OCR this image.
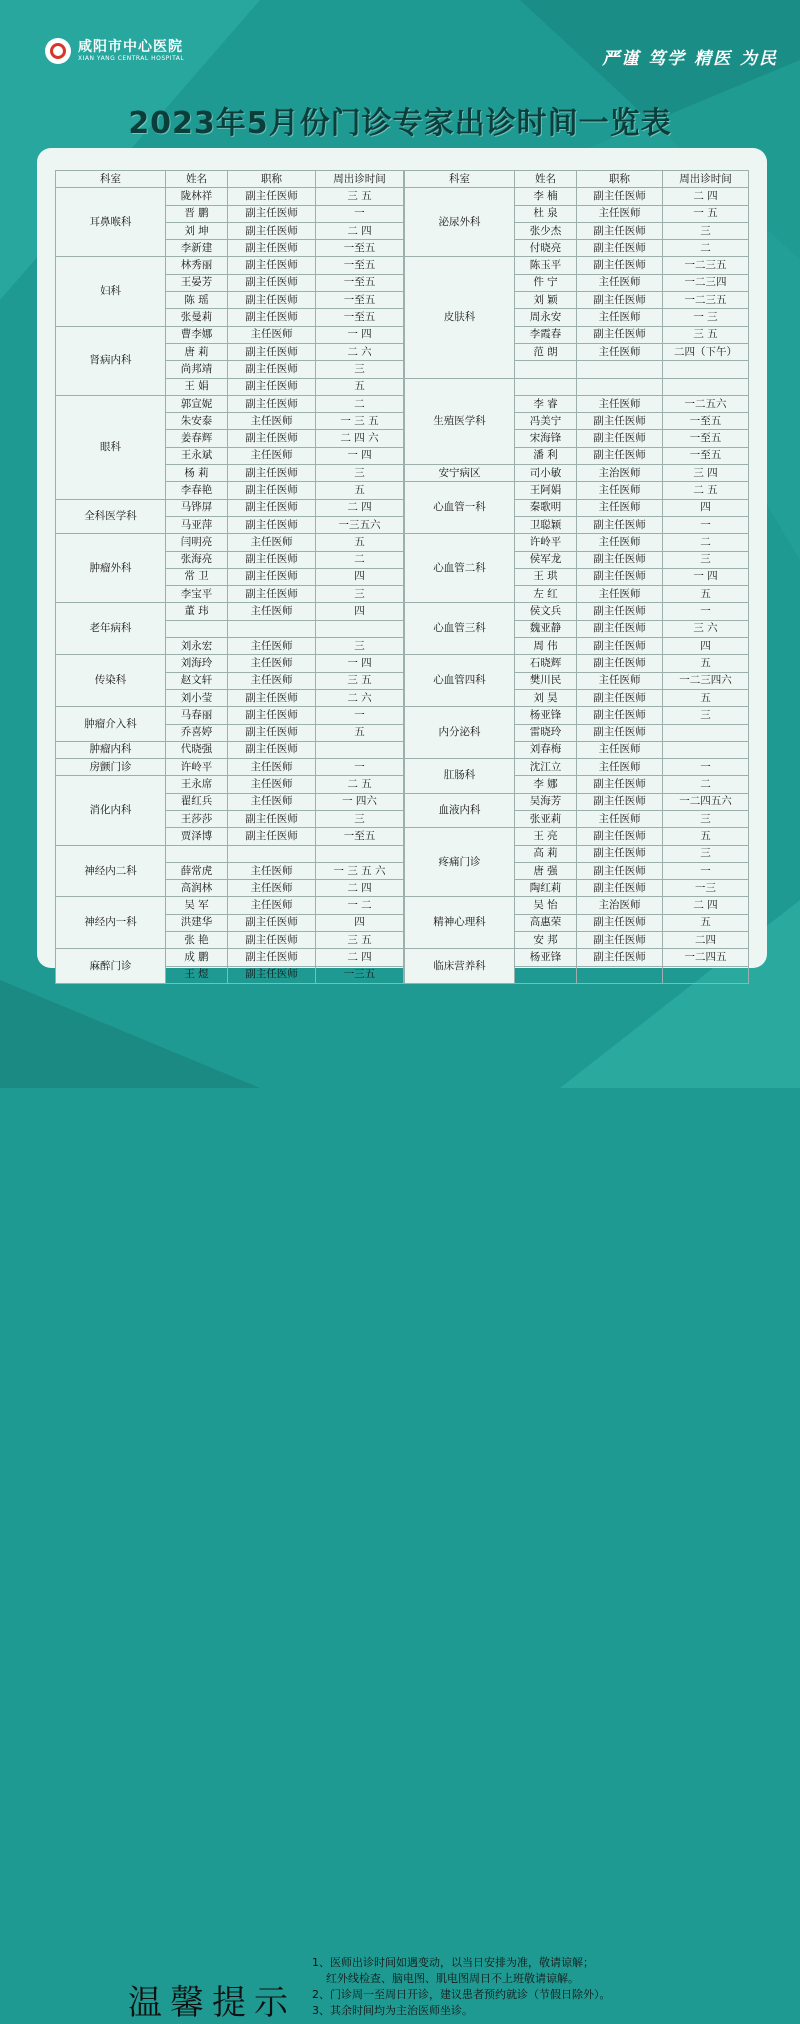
咸阳市中心医院
XIAN YANG CENTRAL HOSPITAL	严谨 笃学 精医 为民
2023年5月份门诊专家出诊时间一览表
科室	姓名	职称	周出诊时间
耳鼻喉科	陇林祥	副主任医师	三 五
	晋 鹏	副主任医师	一
	刘 坤	副主任医师	二 四
	李新建	副主任医师	一至五
妇科	林秀丽	副主任医师	一至五
	王晏芳	副主任医师	一至五
	陈 瑶	副主任医师	一至五
	张曼莉	副主任医师	一至五
肾病内科	曹李娜	主任医师	一 四
	唐 莉	副主任医师	二 六
	尚邦靖	副主任医师	三
	王 娟	副主任医师	五
眼科	郭宣妮	副主任医师	二
	朱安泰	主任医师	一 三 五
	姜春辉	副主任医师	二 四 六
	王永斌	主任医师	一 四
	杨 莉	副主任医师	三
	李春艳	副主任医师	五
全科医学科	马铧屏	副主任医师	二 四
	马亚萍	副主任医师	一三五六
肿瘤外科	闫明亮	主任医师	五
	张海亮	副主任医师	二
	常 卫	副主任医师	四
	李宝平	副主任医师	三
老年病科	董 玮	主任医师	四

	刘永宏	主任医师	三
传染科	刘海玲	主任医师	一 四
	赵文轩	主任医师	三 五
	刘小莹	副主任医师	二 六
肿瘤介入科	马春丽	副主任医师	一
	乔喜婷	副主任医师	五
肿瘤内科	代晓强	副主任医师	
房颤门诊	许岭平	主任医师	一
消化内科	王永席	主任医师	二 五
	翟红兵	主任医师	一 四六
	王莎莎	副主任医师	三
	贾泽博	副主任医师	一至五
神经内二科			
	薛常虎	主任医师	一 三 五 六
	高润林	主任医师	二 四
神经内一科	吴 军	主任医师	一 二
	洪建华	副主任医师	四
	张 艳	副主任医师	三 五
麻醉门诊	成 鹏	副主任医师	二 四
	王 煜	副主任医师	一三五
科室	姓名	职称	周出诊时间
泌尿外科	李 楠	副主任医师	二 四
	杜 泉	主任医师	一 五
	张少杰	副主任医师	三
	付晓亮	副主任医师	二
皮肤科	陈玉平	副主任医师	一二三五
	件 宁	主任医师	一二三四
	刘 颖	副主任医师	一二三五
	周永安	主任医师	一 三
	李霞春	副主任医师	三 五
	范 朗	主任医师	二四（下午）

生殖医学科			
	李 睿	主任医师	一二五六
	冯美宁	副主任医师	一至五
	宋海锋	副主任医师	一至五
	潘 利	副主任医师	一至五
安宁病区	司小敏	主治医师	三 四
心血管一科	王阿娟	主任医师	二 五
	秦歌明	主任医师	四
	卫聪颖	副主任医师	一
心血管二科	许岭平	主任医师	二
	侯军龙	副主任医师	三
	王 珙	副主任医师	一 四
	左 红	主任医师	五
心血管三科	侯文兵	副主任医师	一
	魏亚静	副主任医师	三 六
	周 伟	副主任医师	四
心血管四科	石晓辉	副主任医师	五
	樊川民	主任医师	一二三四六
	刘 昊	副主任医师	五
内分泌科	杨亚锋	副主任医师	三
	雷晓玲	副主任医师	
	刘春梅	主任医师	
肛肠科	沈江立	主任医师	一
	李 娜	副主任医师	二
血液内科	吴海芳	副主任医师	一二四五六
	张亚莉	主任医师	三
疼痛门诊	王 亮	副主任医师	五
	高 莉	副主任医师	三
	唐 强	副主任医师	一
	陶红莉	副主任医师	一三
精神心理科	吴 怡	主治医师	二 四
	高惠荣	副主任医师	五
	安 邦	副主任医师	二四
临床营养科	杨亚锋	副主任医师	一二四五

温馨提示
1、医师出诊时间如遇变动，以当日安排为准，敬请谅解；
红外线检查、脑电图、肌电图周日不上班敬请谅解。
2、门诊周一至周日开诊，建议患者预约就诊（节假日除外）。
3、其余时间均为主治医师坐诊。
